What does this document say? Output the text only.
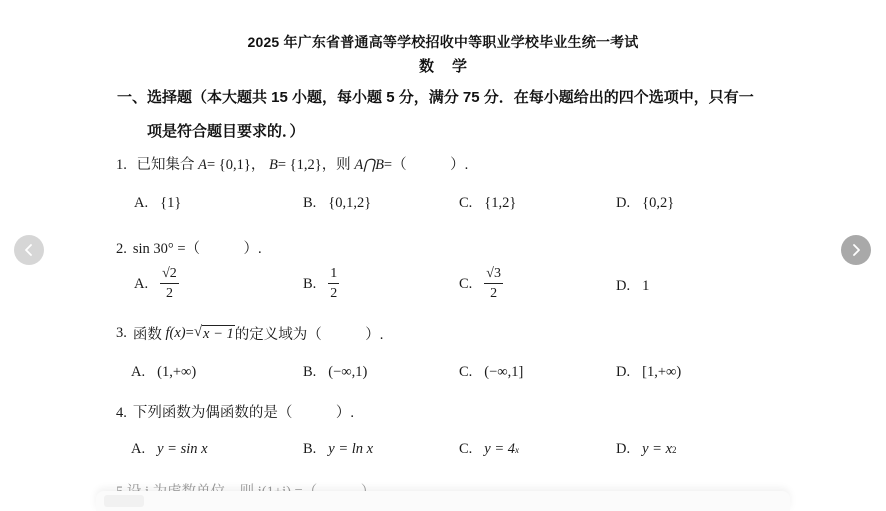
2025 年广东省普通高等学校招收中等职业学校毕业生统一考试
数 学
一、选择题（本大题共 15 小题，每小题 5 分，满分 75 分．在每小题给出的四个选项中，只有一
项是符合题目要求的．）
1. 已知集合 A= {0,1}， B= {1,2}，则 A⋂B=（　　　）.
A. {1}	B. {0,1,2}	C. {1,2}	D. {0,2}
2. sin 30° =（　　　）.
A. $\frac{√2}{2}$	B. $\frac{1}{2}$	C. $\frac{√3}{2}$	D. 1
3. 函数
f(x) = √ x − 1 的定义域为（　　　）.
A. (1,+∞)	B. (−∞,1)	C. (−∞,1]	D. [1,+∞)
4. 下列函数为偶函数的是（　　　）.
A. y = sin x	B. y = ln x	C. y = 4 x	D. y = x 2
